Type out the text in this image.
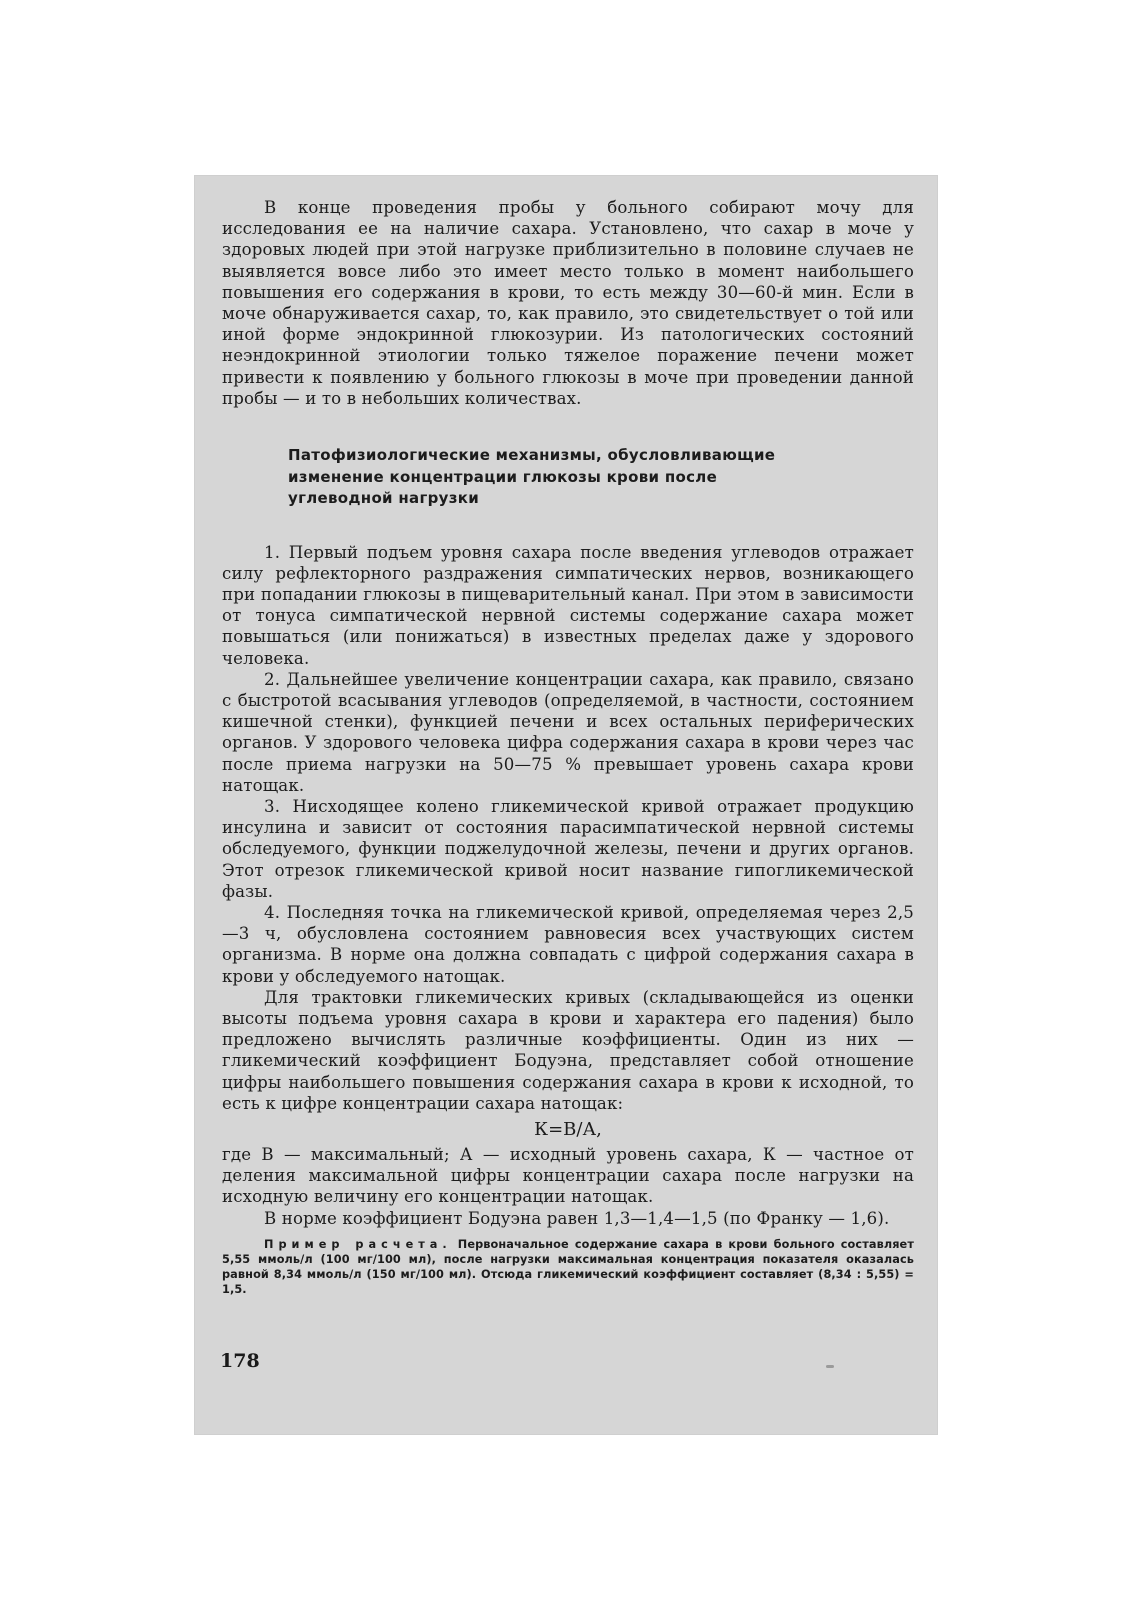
В конце проведения пробы у больного собирают мочу для исследования ее на наличие сахара. Установлено, что сахар в моче у здоровых людей при этой нагрузке приблизительно в половине случаев не выявляется вовсе либо это имеет место только в момент наибольшего повышения его содержания в крови, то есть между 30—60-й мин. Если в моче обнаруживается сахар, то, как правило, это свидетельствует о той или иной форме эндокринной глюкозурии. Из патологических состояний неэндокринной этиологии только тяжелое поражение печени может привести к появлению у больного глюкозы в моче при проведении данной пробы — и то в небольших количествах.

Патофизиологические механизмы, обусловливающие
изменение концентрации глюкозы крови после
углеводной нагрузки

1. Первый подъем уровня сахара после введения углеводов отражает силу рефлекторного раздражения симпатических нервов, возникающего при попадании глюкозы в пищеварительный канал. При этом в зависимости от тонуса симпатической нервной системы содержание сахара может повышаться (или понижаться) в известных пределах даже у здорового человека.

2. Дальнейшее увеличение концентрации сахара, как правило, связано с быстротой всасывания углеводов (определяемой, в частности, состоянием кишечной стенки), функцией печени и всех остальных периферических органов. У здорового человека цифра содержания сахара в крови через час после приема нагрузки на 50—75 % превышает уровень сахара крови натощак.

3. Нисходящее колено гликемической кривой отражает продукцию инсулина и зависит от состояния парасимпатической нервной системы обследуемого, функции поджелудочной железы, печени и других органов. Этот отрезок гликемической кривой носит название гипогликемической фазы.

4. Последняя точка на гликемической кривой, определяемая через 2,5—3 ч, обусловлена состоянием равновесия всех участвующих систем организма. В норме она должна совпадать с цифрой содержания сахара в крови у обследуемого натощак.

Для трактовки гликемических кривых (складывающейся из оценки высоты подъема уровня сахара в крови и характера его падения) было предложено вычислять различные коэффициенты. Один из них — гликемический коэффициент Бодуэна, представляет собой отношение цифры наибольшего повышения содержания сахара в крови к исходной, то есть к цифре концентрации сахара натощак:

К=В/А,

где В — максимальный; А — исходный уровень сахара, К — частное от деления максимальной цифры концентрации сахара после нагрузки на исходную величину его концентрации натощак.

В норме коэффициент Бодуэна равен 1,3—1,4—1,5 (по Франку — 1,6).

Пример расчета. Первоначальное содержание сахара в крови больного составляет 5,55 ммоль/л (100 мг/100 мл), после нагрузки максимальная концентрация показателя оказалась равной 8,34 ммоль/л (150 мг/100 мл). Отсюда гликемический коэффициент составляет (8,34 : 5,55) = 1,5.

178
